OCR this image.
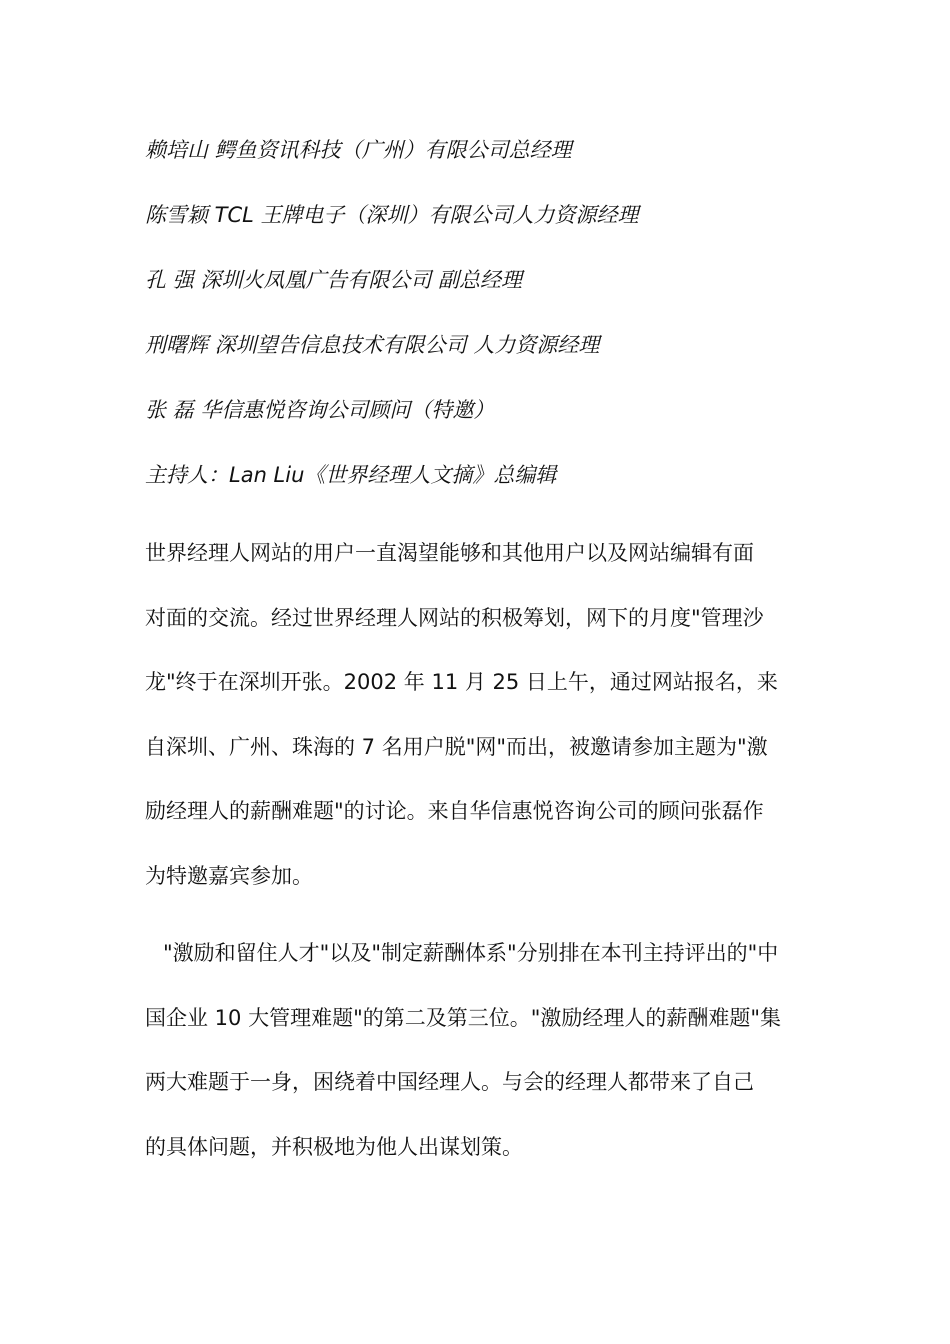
赖培山 鳄鱼资讯科技（广州）有限公司总经理
陈雪颖 TCL 王牌电子（深圳）有限公司人力资源经理
孔 强 深圳火凤凰广告有限公司 副总经理
刑曙辉 深圳望告信息技术有限公司 人力资源经理
张 磊 华信惠悦咨询公司顾问（特邀）
主持人：Lan Liu《世界经理人文摘》总编辑
世界经理人网站的用户一直渴望能够和其他用户以及网站编辑有面
对面的交流。经过世界经理人网站的积极筹划，网下的月度"管理沙
龙"终于在深圳开张。2002 年 11 月 25 日上午，通过网站报名，来
自深圳、广州、珠海的 7 名用户脱"网"而出，被邀请参加主题为"激
励经理人的薪酬难题"的讨论。来自华信惠悦咨询公司的顾问张磊作
为特邀嘉宾参加。
"激励和留住人才"以及"制定薪酬体系"分别排在本刊主持评出的"中
国企业 10 大管理难题"的第二及第三位。"激励经理人的薪酬难题"集
两大难题于一身，困绕着中国经理人。与会的经理人都带来了自己
的具体问题，并积极地为他人出谋划策。
